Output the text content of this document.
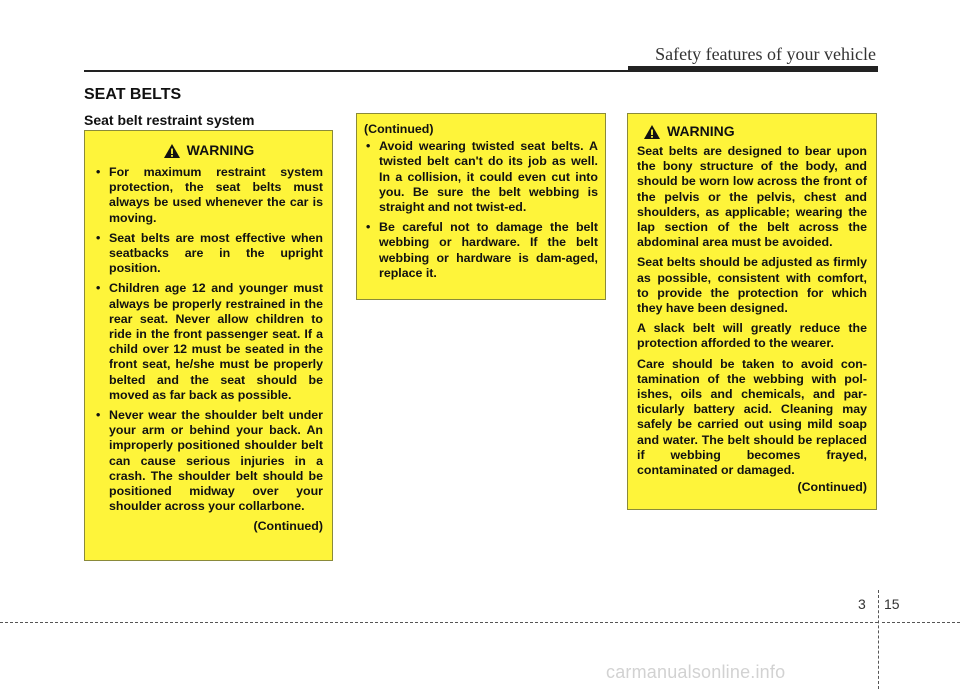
Safety features of your vehicle
SEAT BELTS
Seat belt restraint system
WARNING
• For maximum restraint system protection, the seat belts must always be used whenever the car is moving.
• Seat belts are most effective when seatbacks are in the upright position.
• Children age 12 and younger must always be properly restrained in the rear seat. Never allow children to ride in the front passenger seat. If a child over 12 must be seated in the front seat, he/she must be properly belted and the seat should be moved as far back as possible.
• Never wear the shoulder belt under your arm or behind your back. An improperly positioned shoulder belt can cause serious injuries in a crash. The shoulder belt should be positioned midway over your shoulder across your collarbone.
(Continued)
(Continued)
• Avoid wearing twisted seat belts. A twisted belt can't do its job as well. In a collision, it could even cut into you. Be sure the belt webbing is straight and not twist-ed.
• Be careful not to damage the belt webbing or hardware. If the belt webbing or hardware is dam-aged, replace it.
WARNING

Seat belts are designed to bear upon the bony structure of the body, and should be worn low across the front of the pelvis or the pelvis, chest and shoulders, as applicable; wearing the lap section of the belt across the abdominal area must be avoided.

Seat belts should be adjusted as firmly as possible, consistent with comfort, to provide the protection for which they have been designed.

A slack belt will greatly reduce the protection afforded to the wearer.

Care should be taken to avoid con-tamination of the webbing with pol-ishes, oils and chemicals, and par-ticularly battery acid. Cleaning may safely be carried out using mild soap and water. The belt should be replaced if webbing becomes frayed, contaminated or damaged.

(Continued)
3 15
carmanualsonline.info
